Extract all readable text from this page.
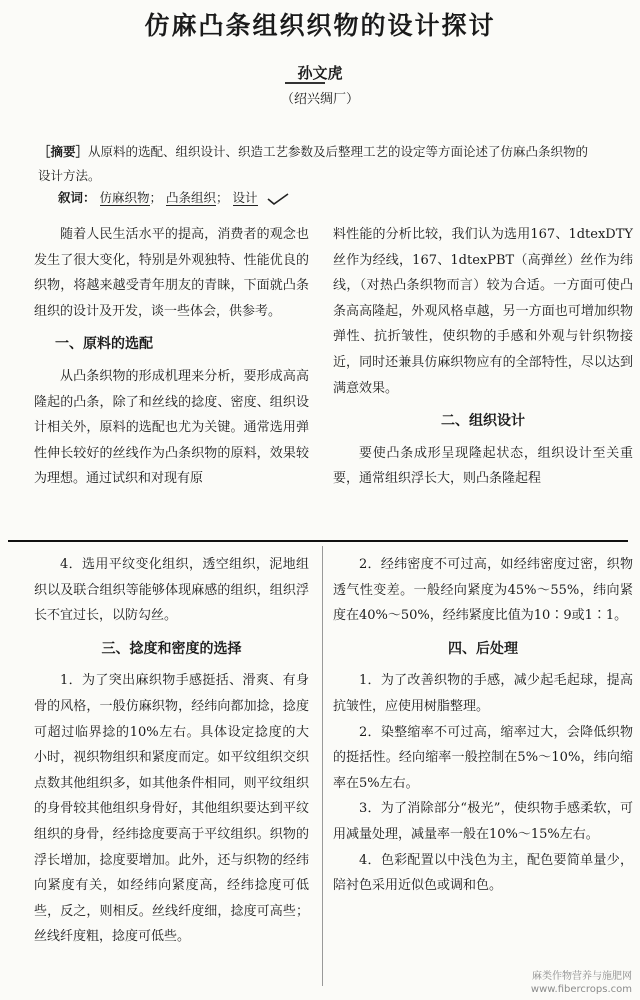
仿麻凸条组织织物的设计探讨
孙文虎
（绍兴绸厂）
［摘要］从原料的选配、组织设计、织造工艺参数及后整理工艺的设定等方面论述了仿麻凸条织物的设计方法。
叙词： 仿麻织物； 凸条组织； 设计

随着人民生活水平的提高，消费者的观念也发生了很大变化，特别是外观独特、性能优良的织物，将越来越受青年朋友的青睐，下面就凸条组织的设计及开发，谈一些体会，供参考。

一、原料的选配

从凸条织物的形成机理来分析，要形成高高隆起的凸条，除了和丝线的捻度、密度、组织设计相关外，原料的选配也尤为关键。通常选用弹性伸长较好的丝线作为凸条织物的原料，效果较为理想。通过试织和对现有原

料性能的分析比较，我们认为选用167、1dtexDTY丝作为经线，167、1dtexPBT（高弹丝）丝作为纬线，（对热凸条织物而言）较为合适。一方面可使凸条高高隆起，外观风格卓越，另一方面也可增加织物弹性、抗折皱性，使织物的手感和外观与针织物接近，同时还兼具仿麻织物应有的全部特性，尽以达到满意效果。

二、组织设计

要使凸条成形呈现隆起状态，组织设计至关重要，通常组织浮长大，则凸条隆起程

4．选用平纹变化组织，透空组织，泥地组织以及联合组织等能够体现麻感的组织，组织浮长不宜过长，以防勾丝。

三、捻度和密度的选择

1．为了突出麻织物手感挺括、滑爽、有身骨的风格，一般仿麻织物，经纬向都加捻，捻度可超过临界捻的10%左右。具体设定捻度的大小时，视织物组织和紧度而定。如平纹组织交织点数其他组织多，如其他条件相同，则平纹组织的身骨较其他组织身骨好，其他组织要达到平纹组织的身骨，经纬捻度要高于平纹组织。织物的浮长增加，捻度要增加。此外，还与织物的经纬向紧度有关，如经纬向紧度高，经纬捻度可低些，反之，则相反。丝线纤度细，捻度可高些；丝线纤度粗，捻度可低些。

2．经纬密度不可过高，如经纬密度过密，织物透气性变差。一般经向紧度为45%～55%，纬向紧度在40%～50%，经纬紧度比值为10∶9或1∶1。

四、后处理

1．为了改善织物的手感，减少起毛起球，提高抗皱性，应使用树脂整理。

2．染整缩率不可过高，缩率过大，会降低织物的挺括性。经向缩率一般控制在5%～10%，纬向缩率在5%左右。

3．为了消除部分“极光”，使织物手感柔软，可用减量处理，减量率一般在10%～15%左右。

4．色彩配置以中浅色为主，配色要简单量少，陪衬色采用近似色或调和色。

麻类作物营养与施肥网
www.fibercrops.com
